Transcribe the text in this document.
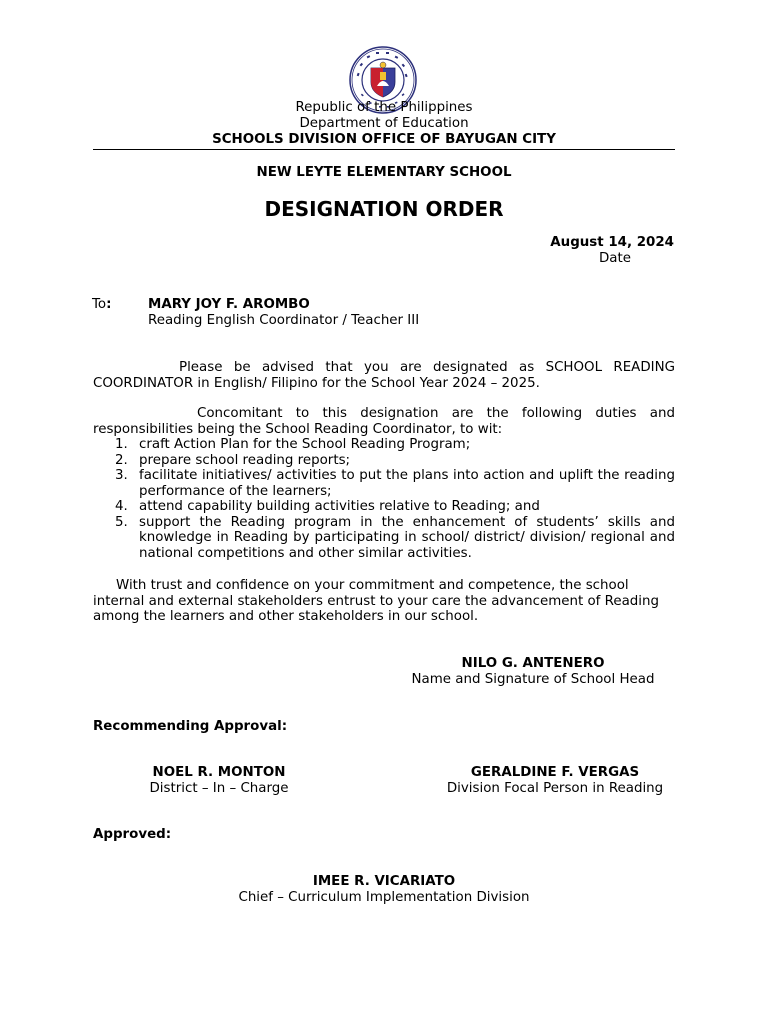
Republic of the Philippines
Department of Education
SCHOOLS DIVISION OFFICE OF BAYUGAN CITY
NEW LEYTE ELEMENTARY SCHOOL
DESIGNATION ORDER
August 14, 2024
Date
To:	MARY JOY F. AROMBO
Reading English Coordinator / Teacher III
Please be advised that you are designated as SCHOOL READING COORDINATOR in English/ Filipino for the School Year 2024 – 2025.
Concomitant to this designation are the following duties and responsibilities being the School Reading Coordinator, to wit:
1. craft Action Plan for the School Reading Program;
2. prepare school reading reports;
3. facilitate initiatives/ activities to put the plans into action and uplift the reading performance of the learners;
4. attend capability building activities relative to Reading; and
5. support the Reading program in the enhancement of students’ skills and knowledge in Reading by participating in school/ district/ division/ regional and national competitions and other similar activities.
With trust and confidence on your commitment and competence, the school internal and external stakeholders entrust to your care the advancement of Reading among the learners and other stakeholders in our school.
NILO G. ANTENERO
Name and Signature of School Head
Recommending Approval:
NOEL R. MONTON
District – In – Charge
GERALDINE F. VERGAS
Division Focal Person in Reading
Approved:
IMEE R. VICARIATO
Chief – Curriculum Implementation Division
